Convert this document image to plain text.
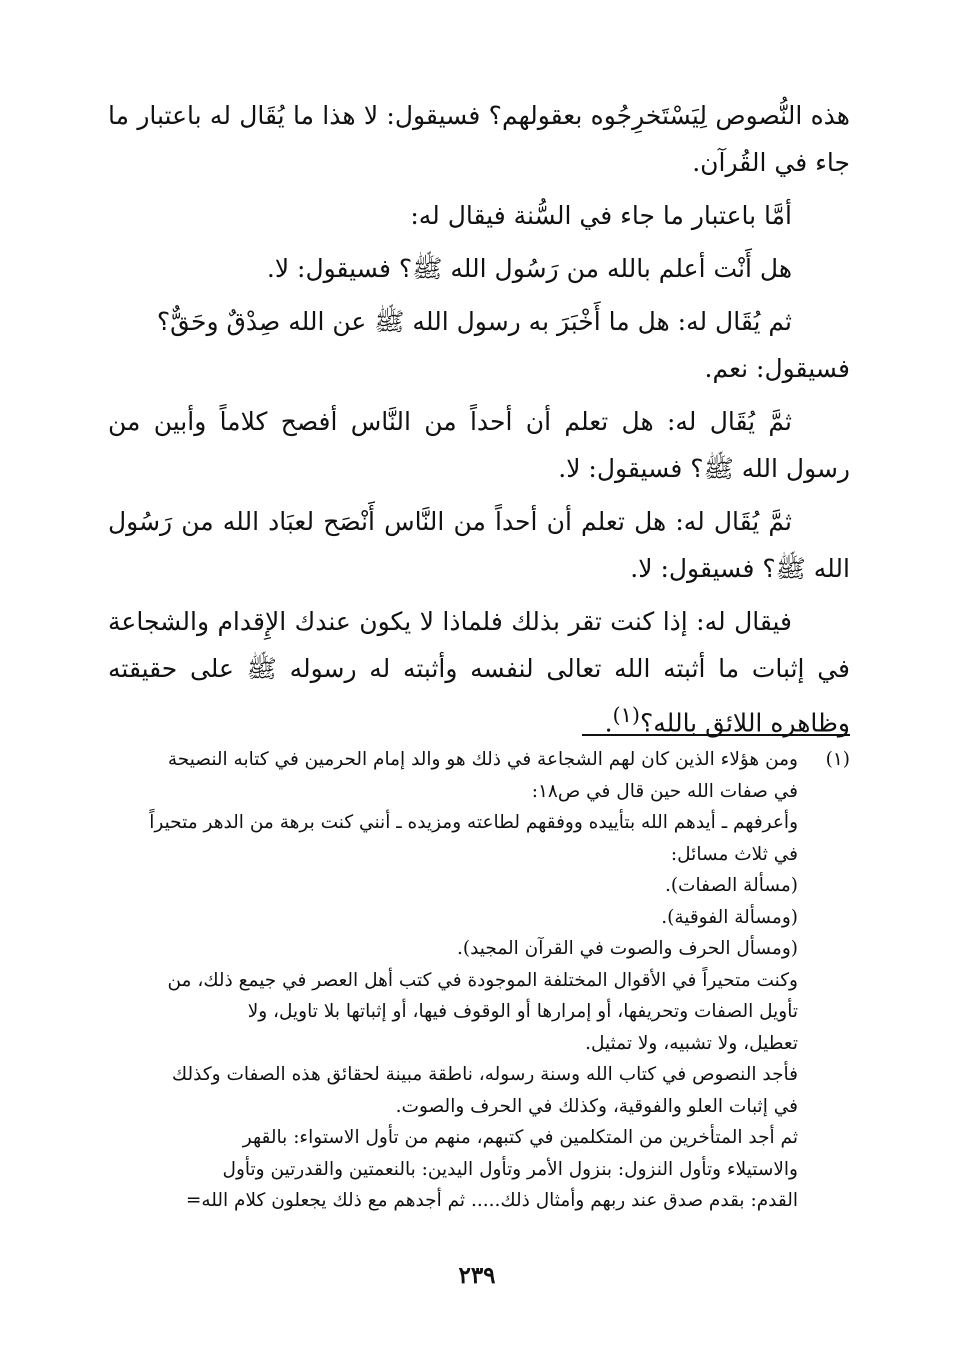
هذه النُّصوص لِيَسْتَخرِجُوه بعقولهم؟ فسيقول: لا هذا ما يُقَال له باعتبار ما جاء في القُرآن.

أمَّا باعتبار ما جاء في السُّنة فيقال له:

هل أَنْت أعلم بالله من رَسُول الله ﷺ؟ فسيقول: لا.

ثم يُقَال له: هل ما أَخْبَرَ به رسول الله ﷺ عن الله صِدْقٌ وحَقٌّ؟

فسيقول: نعم.

ثمَّ يُقَال له: هل تعلم أن أحداً من النَّاس أفصح كلاماً وأبين من رسول الله ﷺ؟ فسيقول: لا.

ثمَّ يُقَال له: هل تعلم أن أحداً من النَّاس أَنْصَح لعبَاد الله من رَسُول الله ﷺ؟ فسيقول: لا.

فيقال له: إذا كنت تقر بذلك فلماذا لا يكون عندك الإِقدام والشجاعة في إثبات ما أثبته الله تعالى لنفسه وأثبته له رسوله ﷺ على حقيقته وظاهره اللائق بالله؟$^{(١)}$.

(١)
ومن هؤلاء الذين كان لهم الشجاعة في ذلك هو والد إمام الحرمين في كتابه النصيحة
في صفات الله حين قال في ص١٨:
وأعرفهم ـ أيدهم الله بتأييده ووفقهم لطاعته ومزيده ـ أنني كنت برهة من الدهر متحيراً
في ثلاث مسائل:
(مسألة الصفات).
(ومسألة الفوقية).
(ومسأل الحرف والصوت في القرآن المجيد).
وكنت متحيراً في الأقوال المختلفة الموجودة في كتب أهل العصر في جيمع ذلك، من
تأويل الصفات وتحريفها، أو إمرارها أو الوقوف فيها، أو إثباتها بلا تاويل، ولا
تعطيل، ولا تشبيه، ولا تمثيل.
فأجد النصوص في كتاب الله وسنة رسوله، ناطقة مبينة لحقائق هذه الصفات وكذلك
في إثبات العلو والفوقية، وكذلك في الحرف والصوت.
ثم أجد المتأخرين من المتكلمين في كتبهم، منهم من تأول الاستواء: بالقهر
والاستيلاء وتأول النزول: بنزول الأمر وتأول اليدين: بالنعمتين والقدرتين وتأول
القدم: بقدم صدق عند ربهم وأمثال ذلك..... ثم أجدهم مع ذلك يجعلون كلام الله=
٢٣٩
